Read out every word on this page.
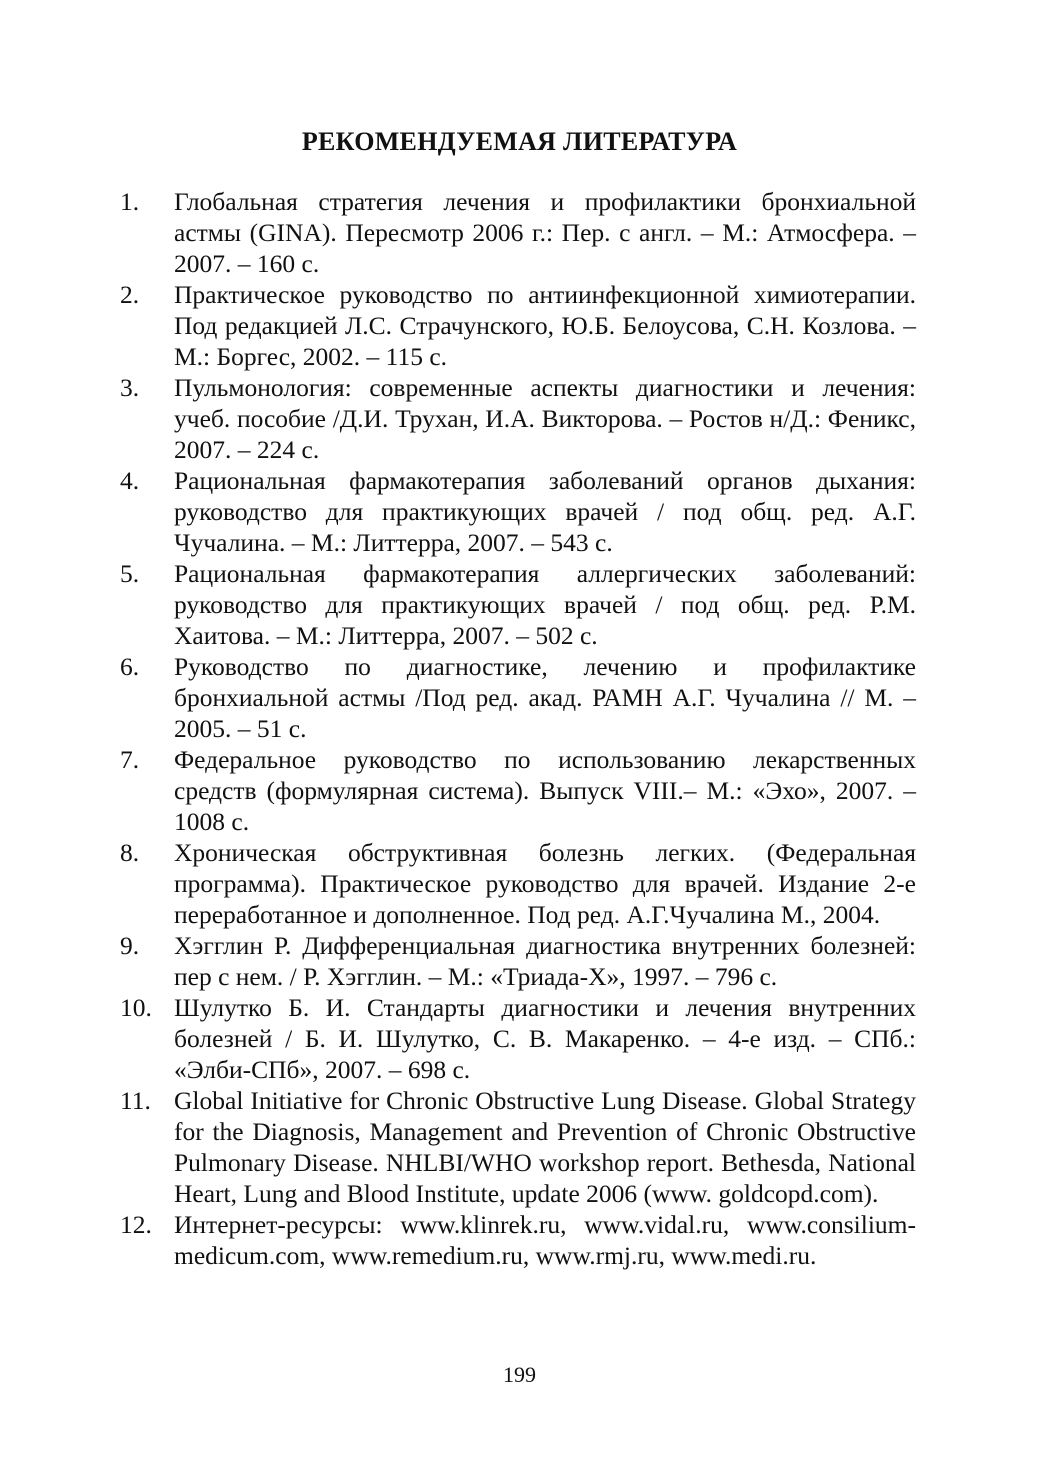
РЕКОМЕНДУЕМАЯ ЛИТЕРАТУРА
1.	Глобальная стратегия лечения и профилактики бронхиальной астмы (GINA). Пересмотр 2006 г.: Пер. с англ. – М.: Атмосфера. – 2007. – 160 с.
2.	Практическое руководство по антиинфекционной химиотерапии. Под редакцией Л.С. Страчунского, Ю.Б. Белоусова, С.Н. Козлова. – М.: Боргес, 2002. – 115 с.
3.	Пульмонология: современные аспекты диагностики и лечения: учеб. пособие /Д.И. Трухан, И.А. Викторова. – Ростов н/Д.: Феникс, 2007. – 224 с.
4.	Рациональная фармакотерапия заболеваний органов дыхания: руководство для практикующих врачей / под общ. ред. А.Г. Чучалина. – М.: Литтерра, 2007. – 543 с.
5.	Рациональная фармакотерапия аллергических заболеваний: руководство для практикующих врачей / под общ. ред. Р.М. Хаитова. – М.: Литтерра, 2007. – 502 с.
6.	Руководство по диагностике, лечению и профилактике бронхиальной астмы /Под ред. акад. РАМН А.Г. Чучалина // М. – 2005. – 51 с.
7.	Федеральное руководство по использованию лекарственных средств (формулярная система). Выпуск VIII.– М.: «Эхо», 2007. – 1008 с.
8.	Хроническая обструктивная болезнь легких. (Федеральная программа). Практическое руководство для врачей. Издание 2-е переработанное и дополненное. Под ред. А.Г.Чучалина М., 2004.
9.	Хэгглин Р. Дифференциальная диагностика внутренних болезней: пер с нем. / Р. Хэгглин. – М.: «Триада-Х», 1997. – 796 с.
10. Шулутко Б. И. Стандарты диагностики и лечения внутренних болезней / Б. И. Шулутко, С. В. Макаренко. – 4-е изд. – СПб.: «Элби-СПб», 2007. – 698 с.
11. Global Initiative for Chronic Obstructive Lung Disease. Global Strategy for the Diagnosis, Management and Prevention of Chronic Obstructive Pulmonary Disease. NHLBI/WHO workshop report. Bethesda, National Heart, Lung and Blood Institute, update 2006 (www. goldcopd.com).
12. Интернет-ресурсы: www.klinrek.ru, www.vidal.ru, www.consilium-medicum.com, www.remedium.ru, www.rmj.ru, www.medi.ru.
199
